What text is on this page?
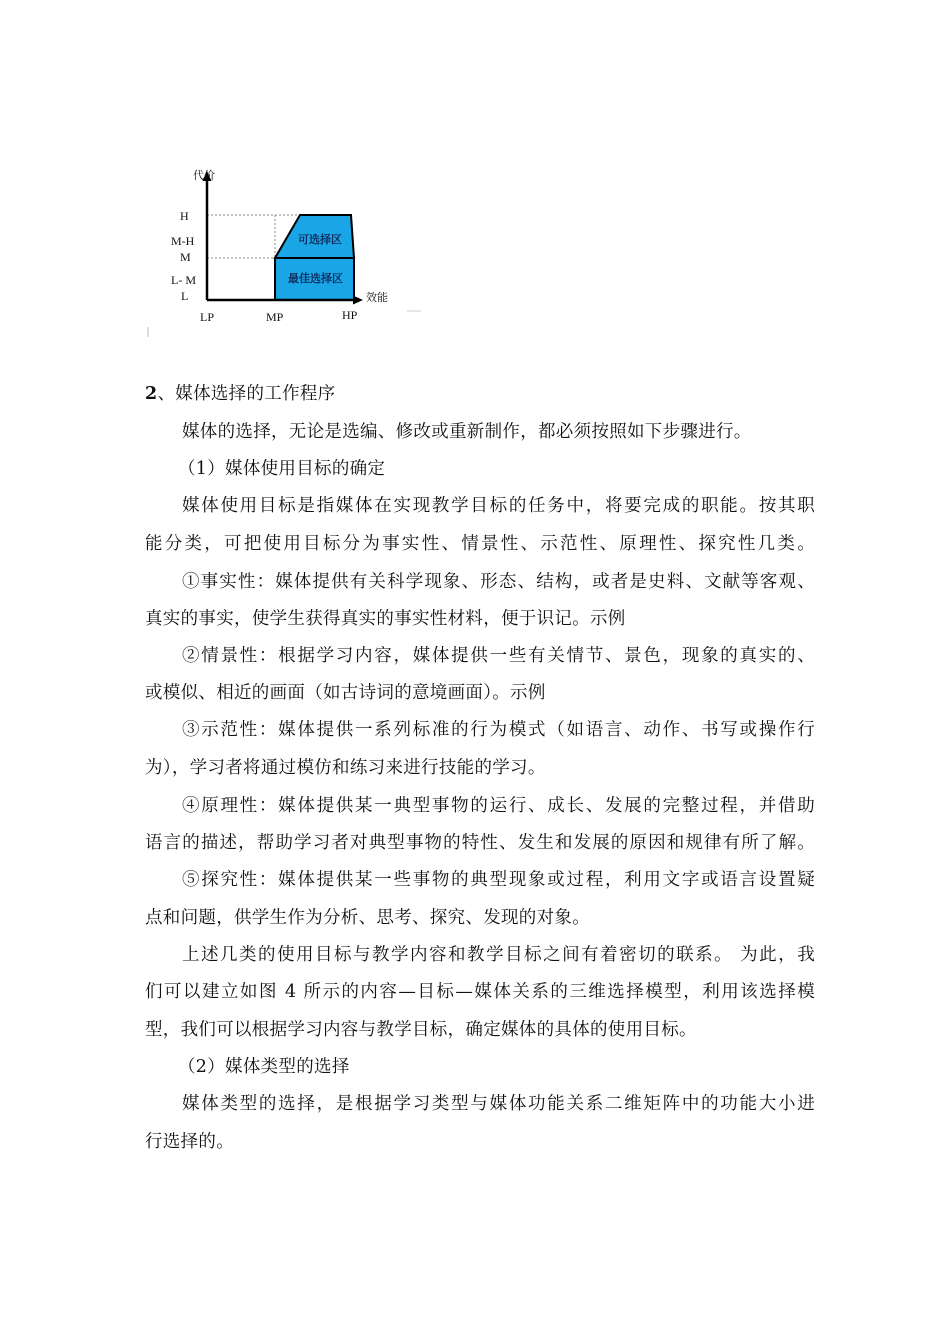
代价
效能
H
M-H
M
L- M
L
LP	MP	HP
可选择区
最佳选择区
2、媒体选择的工作程序
媒体的选择，无论是选编、修改或重新制作，都必须按照如下步骤进行。
（1）媒体使用目标的确定
媒体使用目标是指媒体在实现教学目标的任务中，将要完成的职能。按其职
能分类，可把使用目标分为事实性、情景性、示范性、原理性、探究性几类。
①事实性：媒体提供有关科学现象、形态、结构，或者是史料、文献等客观、
真实的事实，使学生获得真实的事实性材料，便于识记。示例
②情景性：根据学习内容，媒体提供一些有关情节、景色，现象的真实的、
或模似、相近的画面（如古诗词的意境画面）。示例
③示范性：媒体提供一系列标准的行为模式（如语言、动作、书写或操作行
为），学习者将通过模仿和练习来进行技能的学习。
④原理性：媒体提供某一典型事物的运行、成长、发展的完整过程，并借助
语言的描述，帮助学习者对典型事物的特性、发生和发展的原因和规律有所了解。
⑤探究性：媒体提供某一些事物的典型现象或过程，利用文字或语言设置疑
点和问题，供学生作为分析、思考、探究、发现的对象。
上述几类的使用目标与教学内容和教学目标之间有着密切的联系。 为此，我
们可以建立如图 4 所示的内容—目标—媒体关系的三维选择模型，利用该选择模
型，我们可以根据学习内容与教学目标，确定媒体的具体的使用目标。
（2）媒体类型的选择
媒体类型的选择，是根据学习类型与媒体功能关系二维矩阵中的功能大小进
行选择的。
